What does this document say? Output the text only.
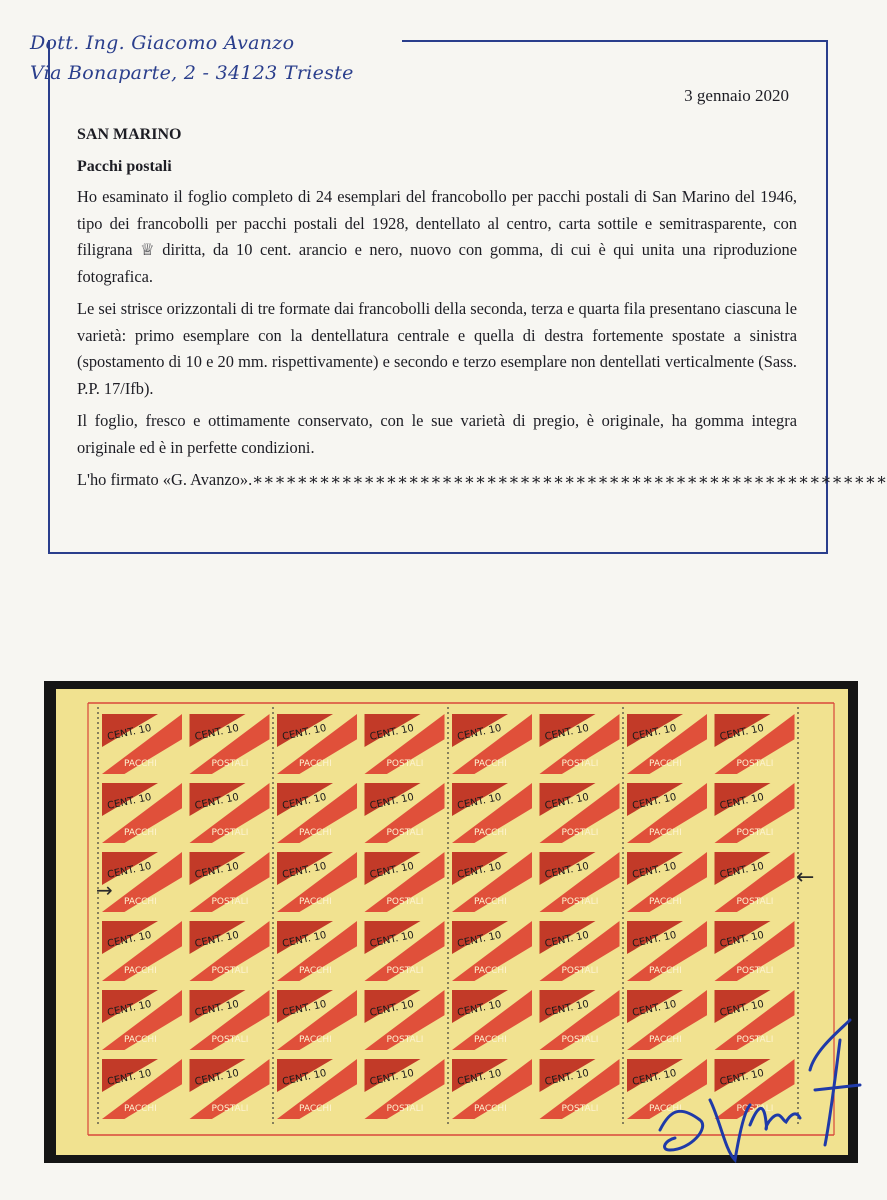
Dott. Ing. Giacomo Avanzo
Via Bonaparte, 2 - 34123 Trieste
3 gennaio 2020

SAN MARINO

Pacchi postali

Ho esaminato il foglio completo di 24 esemplari del francobollo per pacchi postali di San Marino del 1946, tipo dei francobolli per pacchi postali del 1928, dentellato al centro, carta sottile e semitrasparente, con filigrana ♕ diritta, da 10 cent. arancio e nero, nuovo con gomma, di cui è qui unita una riproduzione fotografica.

Le sei strisce orizzontali di tre formate dai francobolli della seconda, terza e quarta fila presentano ciascuna le varietà: primo esemplare con la dentellatura centrale e quella di destra fortemente spostate a sinistra (spostamento di 10 e 20 mm. rispettivamente) e secondo e terzo esemplare non dentellati verticalmente (Sass. P.P. 17/Ifb).

Il foglio, fresco e ottimamente conservato, con le sue varietà di pregio, è originale, ha gomma integra originale ed è in perfette condizioni.

L'ho firmato «G. Avanzo».∗∗∗∗∗∗∗∗∗∗∗∗∗∗∗∗∗∗∗∗∗∗∗∗∗∗∗∗∗∗∗∗∗∗∗∗∗∗∗∗∗∗∗∗∗∗∗∗∗∗∗∗∗∗∗∗∗

CENT. 10
PACCHI
CENT. 10
POSTALI
CENT. 10
PACCHI
CENT. 10
POSTALI
CENT. 10
PACCHI
CENT. 10
POSTALI
CENT. 10
PACCHI
CENT. 10
POSTALI
CENT. 10
PACCHI
CENT. 10
POSTALI
CENT. 10
PACCHI
CENT. 10
POSTALI
CENT. 10
PACCHI
CENT. 10
POSTALI
CENT. 10
PACCHI
CENT. 10
POSTALI
CENT. 10
PACCHI
CENT. 10
POSTALI
CENT. 10
PACCHI
CENT. 10
POSTALI
CENT. 10
PACCHI
CENT. 10
POSTALI
CENT. 10
PACCHI
CENT. 10
POSTALI
CENT. 10
PACCHI
CENT. 10
POSTALI
CENT. 10
PACCHI
CENT. 10
POSTALI
CENT. 10
PACCHI
CENT. 10
POSTALI
CENT. 10
PACCHI
CENT. 10
POSTALI
CENT. 10
PACCHI
CENT. 10
POSTALI
CENT. 10
PACCHI
CENT. 10
POSTALI
CENT. 10
PACCHI
CENT. 10
POSTALI
CENT. 10
PACCHI
CENT. 10
POSTALI
CENT. 10
PACCHI
CENT. 10
POSTALI
CENT. 10
PACCHI
CENT. 10
POSTALI
CENT. 10
PACCHI
CENT. 10
POSTALI
CENT. 10
PACCHI
CENT. 10
POSTALI
→	←
